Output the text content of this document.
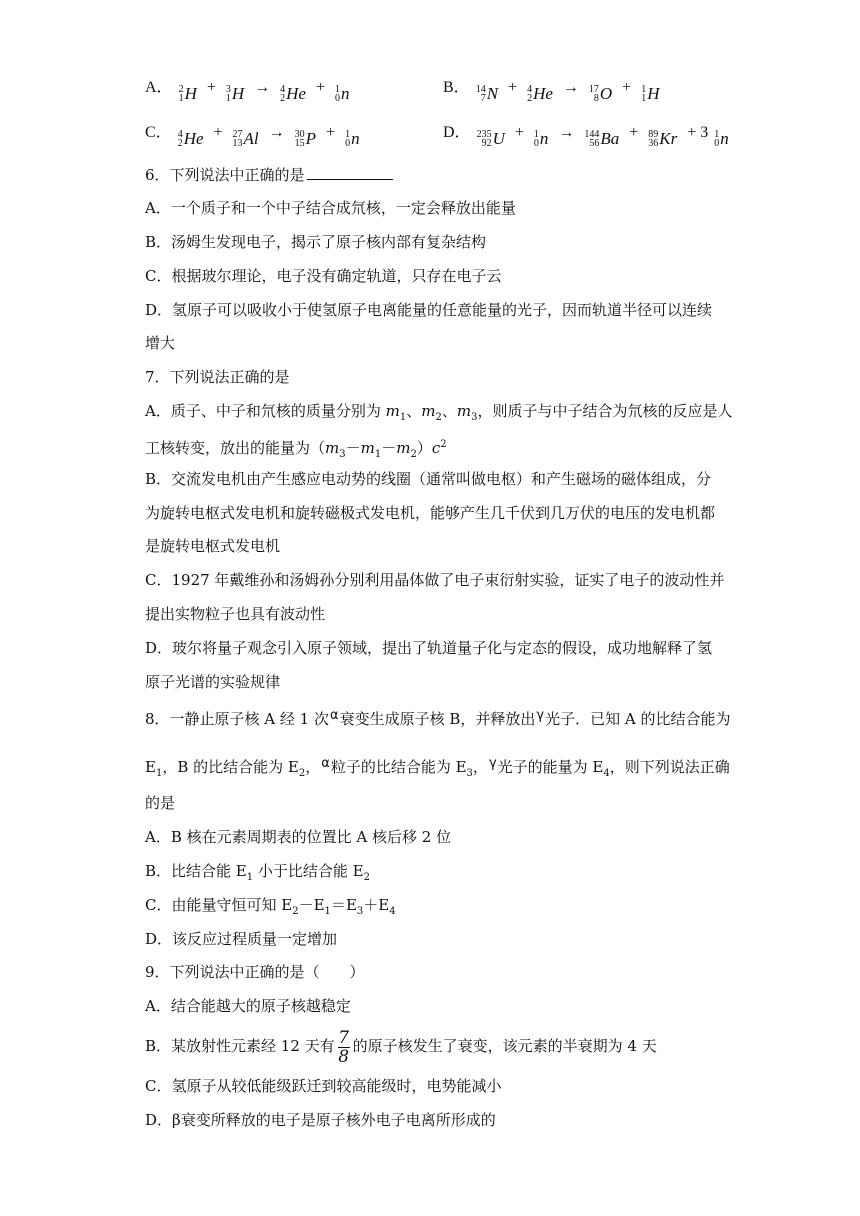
A． 2
1 H + 3
1 H → 4
2 He + 1
0 n	B． 14
7 N + 4
2 He → 17
8 O + 1
1 H
C． 4
2 He + 27
13 Al → 30
15 P + 1
0 n	D． 235
92 U + 1
0 n → 144
56 Ba + 89
36 Kr + 3 1
0 n
6．下列说法中正确的是
A．一个质子和一个中子结合成氘核，一定会释放出能量
B．汤姆生发现电子，揭示了原子核内部有复杂结构
C．根据玻尔理论，电子没有确定轨道，只存在电子云
D．氢原子可以吸收小于使氢原子电离能量的任意能量的光子，因而轨道半径可以连续
增大
7．下列说法正确的是
A．质子、中子和氘核的质量分别为 $m_1$、$m_2$、$m_3$，则质子与中子结合为氘核的反应是人
工核转变，放出的能量为$(m_3-m_1-m_2)c^2$
B．交流发电机由产生感应电动势的线圈（通常叫做电枢）和产生磁场的磁体组成，分
为旋转电枢式发电机和旋转磁极式发电机，能够产生几千伏到几万伏的电压的发电机都
是旋转电枢式发电机
C．1927 年戴维孙和汤姆孙分别利用晶体做了电子束衍射实验，证实了电子的波动性并
提出实物粒子也具有波动性
D．玻尔将量子观念引入原子领域，提出了轨道量子化与定态的假设，成功地解释了氢
原子光谱的实验规律
8．一静止原子核 A 经 1 次α衰变生成原子核 B，并释放出γ光子．已知 A 的比结合能为
$E_1$，B 的比结合能为 $E_2$，α粒子的比结合能为 $E_3$，γ光子的能量为 $E_4$，则下列说法正确
的是
A．B 核在元素周期表的位置比 A 核后移 2 位
B．比结合能 $E_1$ 小于比结合能 $E_2$
C．由能量守恒可知 $E_2-E_1=E_3+E_4$
D．该反应过程质量一定增加
9．下列说法中正确的是（　　）
A．结合能越大的原子核越稳定
B．某放射性元素经 12 天有 $\frac{7}{8}$ 的原子核发生了衰变，该元素的半衰期为 4 天
C．氢原子从较低能级跃迁到较高能级时，电势能减小
D．β衰变所释放的电子是原子核外电子电离所形成的
